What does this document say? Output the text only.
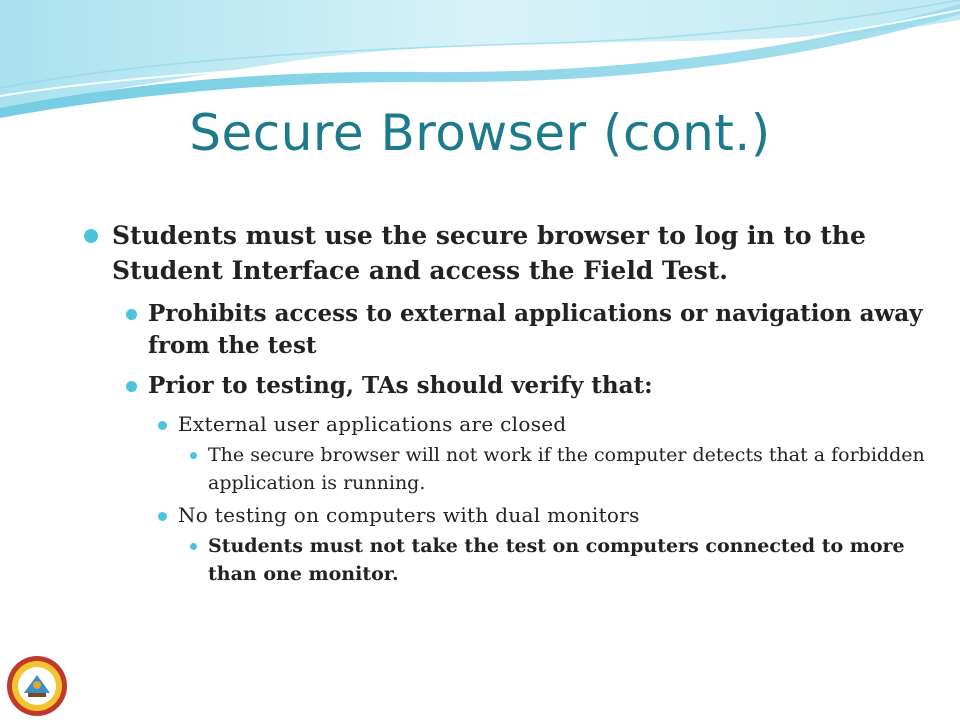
Secure Browser (cont.)
Students must use the secure browser to log in to the Student Interface and access the Field Test.
Prohibits access to external applications or navigation away from the test
Prior to testing, TAs should verify that:
External user applications are closed
The secure browser will not work if the computer detects that a forbidden application is running.
No testing on computers with dual monitors
Students must not take the test on computers connected to more than one monitor.
